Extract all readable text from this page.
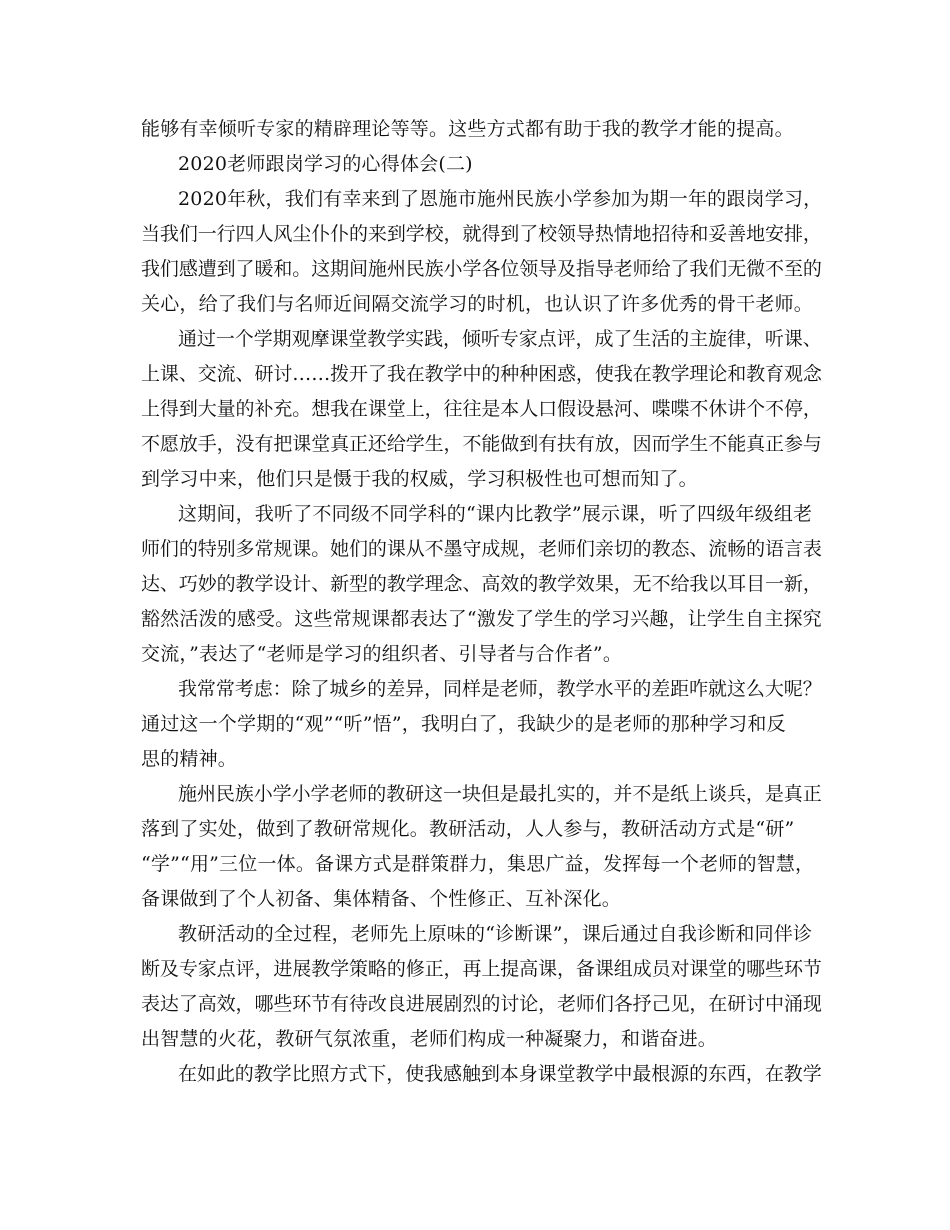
能够有幸倾听专家的精辟理论等等。这些方式都有助于我的教学才能的提高。
2020老师跟岗学习的心得体会(二)
2020年秋，我们有幸来到了恩施市施州民族小学参加为期一年的跟岗学习，
当我们一行四人风尘仆仆的来到学校，就得到了校领导热情地招待和妥善地安排，
我们感遭到了暖和。这期间施州民族小学各位领导及指导老师给了我们无微不至的
关心，给了我们与名师近间隔交流学习的时机，也认识了许多优秀的骨干老师。
通过一个学期观摩课堂教学实践，倾听专家点评，成了生活的主旋律，听课、
上课、交流、研讨……拨开了我在教学中的种种困惑，使我在教学理论和教育观念
上得到大量的补充。想我在课堂上，往往是本人口假设悬河、喋喋不休讲个不停，
不愿放手，没有把课堂真正还给学生，不能做到有扶有放，因而学生不能真正参与
到学习中来，他们只是慑于我的权威，学习积极性也可想而知了。
这期间，我听了不同级不同学科的“课内比教学”展示课，听了四级年级组老
师们的特别多常规课。她们的课从不墨守成规，老师们亲切的教态、流畅的语言表
达、巧妙的教学设计、新型的教学理念、高效的教学效果，无不给我以耳目一新，
豁然活泼的感受。这些常规课都表达了“激发了学生的学习兴趣，让学生自主探究
交流，”表达了“老师是学习的组织者、引导者与合作者”。
我常常考虑：除了城乡的差异，同样是老师，教学水平的差距咋就这么大呢？
通过这一个学期的“观”“听”悟”，我明白了，我缺少的是老师的那种学习和反
思的精神。
施州民族小学小学老师的教研这一块但是最扎实的，并不是纸上谈兵，是真正
落到了实处，做到了教研常规化。教研活动，人人参与，教研活动方式是“研”
“学”“用”三位一体。备课方式是群策群力，集思广益，发挥每一个老师的智慧，
备课做到了个人初备、集体精备、个性修正、互补深化。
教研活动的全过程，老师先上原味的“诊断课”，课后通过自我诊断和同伴诊
断及专家点评，进展教学策略的修正，再上提高课，备课组成员对课堂的哪些环节
表达了高效，哪些环节有待改良进展剧烈的讨论，老师们各抒己见，在研讨中涌现
出智慧的火花，教研气氛浓重，老师们构成一种凝聚力，和谐奋进。
在如此的教学比照方式下，使我感触到本身课堂教学中最根源的东西，在教学
